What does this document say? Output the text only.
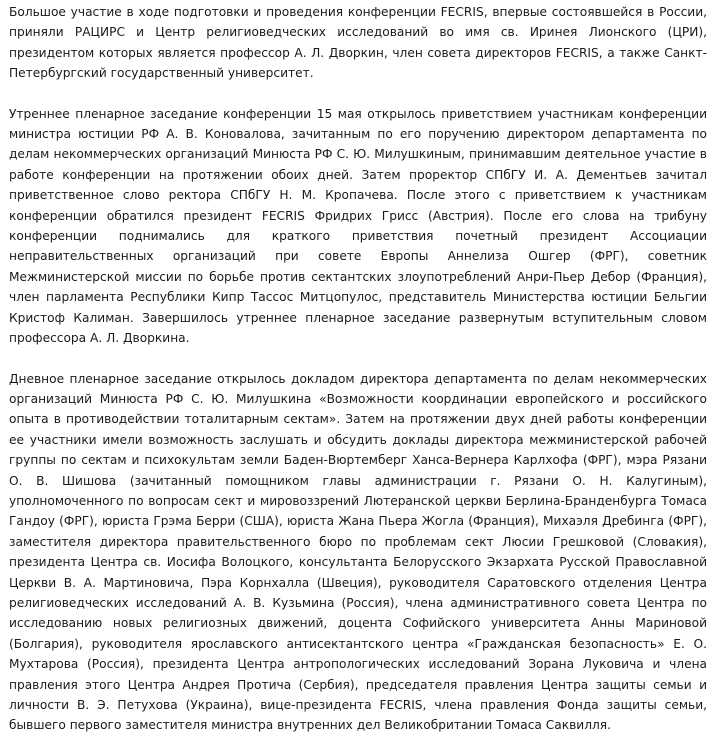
Большое участие в ходе подготовки и проведения конференции FECRIS, впервые состоявшейся в России, приняли РАЦИРС и Центр религиоведческих исследований во имя св. Иринея Лионского (ЦРИ), президентом которых является профессор А. Л. Дворкин, член совета директоров FECRIS, а также Санкт-Петербургский государственный университет.

Утреннее пленарное заседание конференции 15 мая открылось приветствием участникам конференции министра юстиции РФ А. В. Коновалова, зачитанным по его поручению директором департамента по делам некоммерческих организаций Минюста РФ С. Ю. Милушкиным, принимавшим деятельное участие в работе конференции на протяжении обоих дней. Затем проректор СПбГУ И. А. Дементьев зачитал приветственное слово ректора СПбГУ Н. М. Кропачева. После этого с приветствием к участникам конференции обратился президент FECRIS Фридрих Грисс (Австрия). После его слова на трибуну конференции поднимались для краткого приветствия почетный президент Ассоциации неправительственных организаций при совете Европы Аннелиза Ошгер (ФРГ), советник Межминистерской миссии по борьбе против сектантских злоупотреблений Анри-Пьер Дебор (Франция), член парламента Республики Кипр Тассос Митцопулос, представитель Министерства юстиции Бельгии Кристоф Калиман. Завершилось утреннее пленарное заседание развернутым вступительным словом профессора А. Л. Дворкина.

Дневное пленарное заседание открылось докладом директора департамента по делам некоммерческих организаций Минюста РФ С. Ю. Милушкина «Возможности координации европейского и российского опыта в противодействии тоталитарным сектам». Затем на протяжении двух дней работы конференции ее участники имели возможность заслушать и обсудить доклады директора межминистерской рабочей группы по сектам и психокультам земли Баден-Вюртемберг Ханса-Вернера Карлхофа (ФРГ), мэра Рязани О. В. Шишова (зачитанный помощником главы администрации г. Рязани О. Н. Калугиным), уполномоченного по вопросам сект и мировоззрений Лютеранской церкви Берлина-Бранденбурга Томаса Гандоу (ФРГ), юриста Грэма Берри (США), юриста Жана Пьера Жогла (Франция), Михаэля Дребинга (ФРГ), заместителя директора правительственного бюро по проблемам сект Люсии Грешковой (Словакия), президента Центра св. Иосифа Волоцкого, консультанта Белорусского Экзархата Русской Православной Церкви В. А. Мартиновича, Пэра Корнхалла (Швеция), руководителя Саратовского отделения Центра религиоведческих исследований А. В. Кузьмина (Россия), члена административного совета Центра по исследованию новых религиозных движений, доцента Софийского университета Анны Мариновой (Болгария), руководителя ярославского антисектантского центра «Гражданская безопасность» Е. О. Мухтарова (Россия), президента Центра антропологических исследований Зорана Луковича и члена правления этого Центра Андрея Протича (Сербия), председателя правления Центра защиты семьи и личности В. Э. Петухова (Украина), вице-президента FECRIS, члена правления Фонда защиты семьи, бывшего первого заместителя министра внутренних дел Великобритании Томаса Саквилля.
